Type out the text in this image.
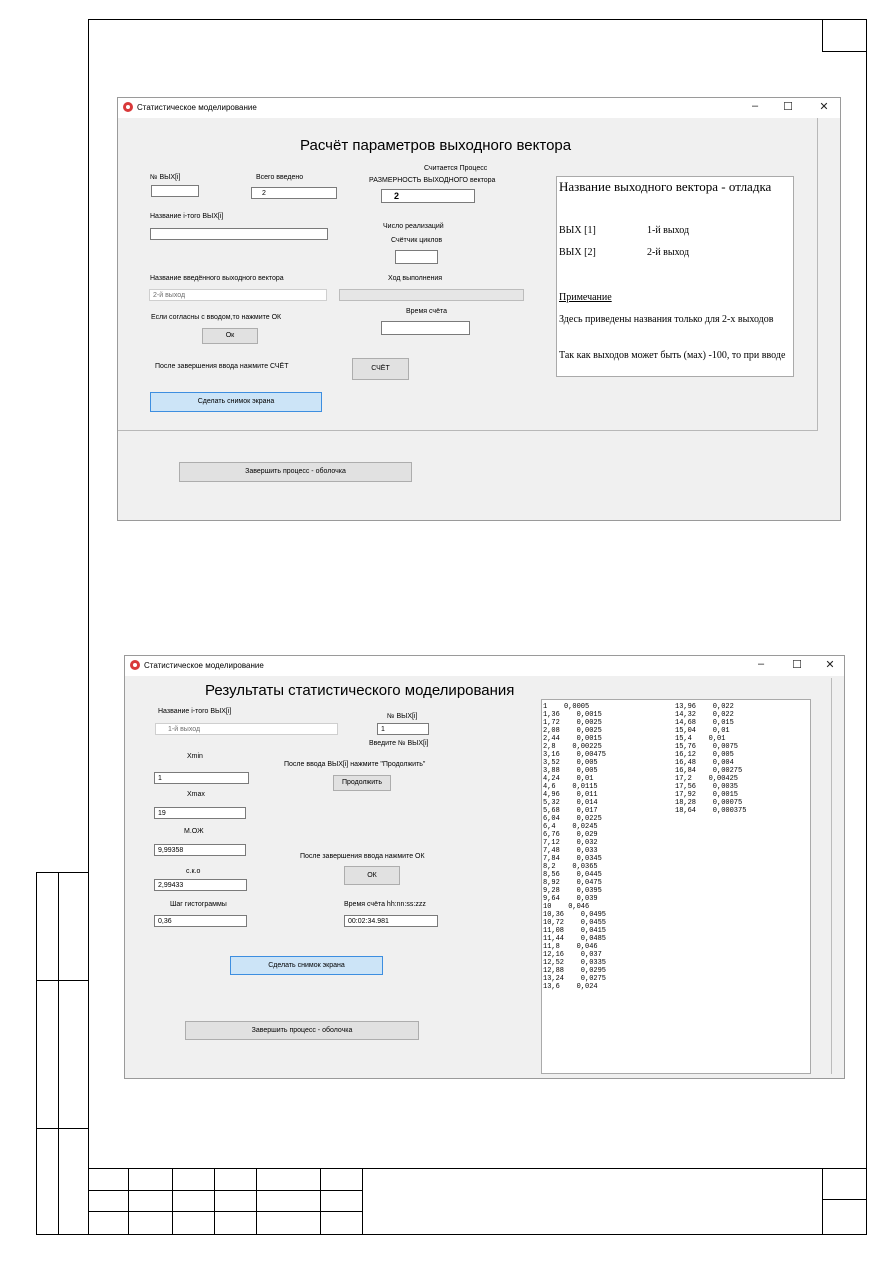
Статистическое моделирование	–	☐	✕
Расчёт параметров выходного вектора
№ ВЫХ[i]	Всего введено
2
Считается Процесс
РАЗМЕРНОСТЬ ВЫХОДНОГО вектора
2
Название i-того ВЫХ[i]
Число реализаций
Счётчик циклов
Название введённого выходного вектора
2-й выход
Ход выполнения
Если согласны с вводом,то нажмите ОК
Ок
Время счёта
После завершения ввода нажмите СЧЁТ	СЧЁТ
Сделать снимок экрана
Завершить процесс - оболочка
Название выходного вектора - отладка
ВЫХ [1]	1-й выход
ВЫХ [2]	2-й выход
Примечание
Здесь приведены названия только для 2-х выходов
Так как выходов может быть (мах) -100, то при вводе
Статистическое моделирование	–	☐	✕
Результаты статистического моделирования
Название i-того ВЫХ[i]
1-й выход
№ ВЫХ[i]
1
Введите № ВЫХ[i]
Xmin
1
После ввода ВЫХ[i] нажмите "Продолжить"
Продолжить
Xmax
19
М.ОЖ
9,99358
После завершения ввода нажмите ОК
ОК
с.к.о
2,99433
Шаг гистограммы
0,36
Время счёта hh:nn:ss:zzz
00:02:34.981
Сделать снимок экрана
Завершить процесс - оболочка
1    0,0005
1,36    0,0015
1,72    0,0025
2,08    0,0025
2,44    0,0015
2,8    0,00225
3,16    0,00475
3,52    0,005
3,88    0,005
4,24    0,01
4,6    0,0115
4,96    0,011
5,32    0,014
5,68    0,017
6,04    0,0225
6,4    0,0245
6,76    0,029
7,12    0,032
7,48    0,033
7,84    0,0345
8,2    0,0365
8,56    0,0445
8,92    0,0475
9,28    0,0395
9,64    0,039
10    0,046
10,36    0,0495
10,72    0,0455
11,08    0,0415
11,44    0,0485
11,8    0,046
12,16    0,037
12,52    0,0335
12,88    0,0295
13,24    0,0275
13,6    0,024
13,96    0,022
14,32    0,022
14,68    0,015
15,04    0,01
15,4    0,01
15,76    0,0075
16,12    0,005
16,48    0,004
16,84    0,00275
17,2    0,00425
17,56    0,0035
17,92    0,0015
18,28    0,00075
18,64    0,000375
